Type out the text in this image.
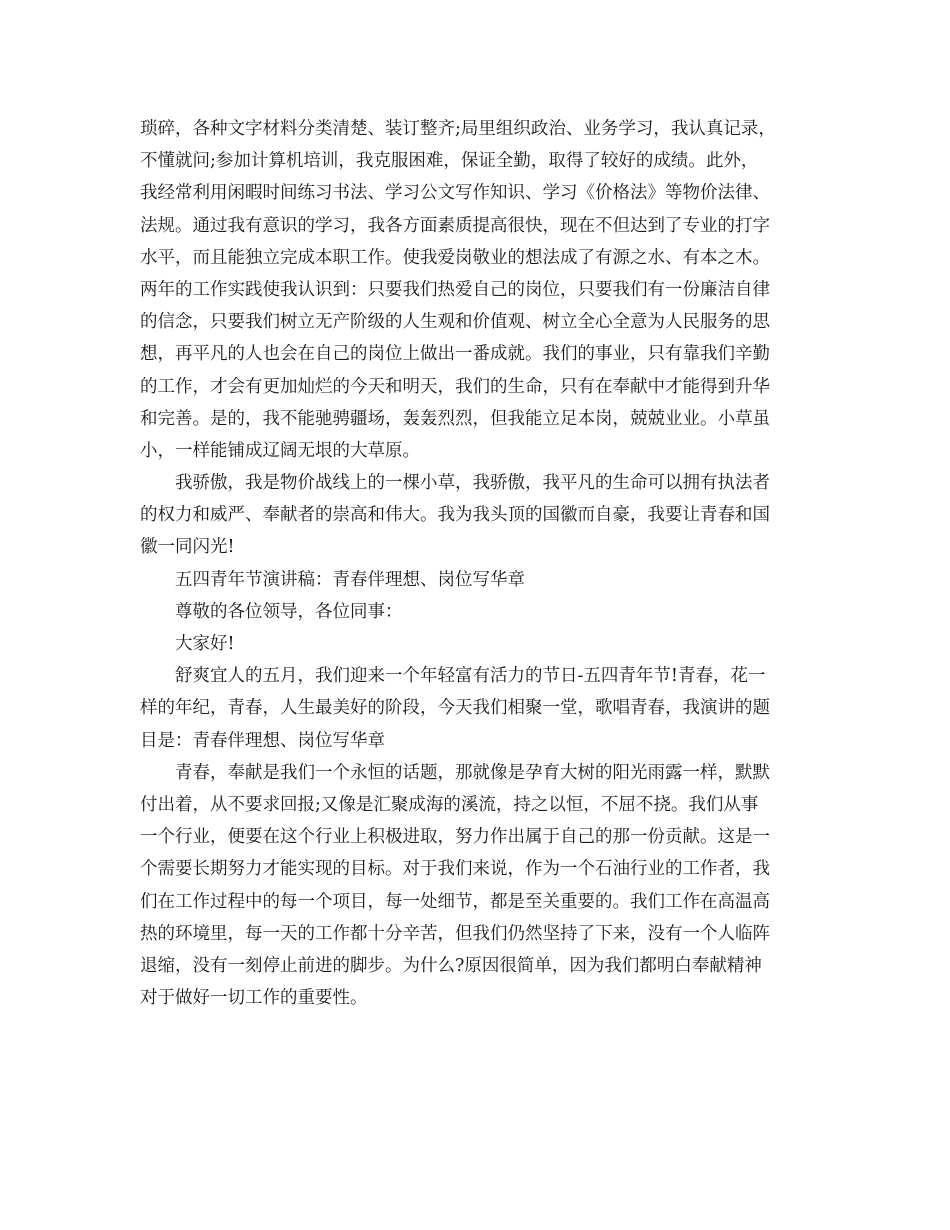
琐碎，各种文字材料分类清楚、装订整齐;局里组织政治、业务学习，我认真记录，
不懂就问;参加计算机培训，我克服困难，保证全勤，取得了较好的成绩。此外，
我经常利用闲暇时间练习书法、学习公文写作知识、学习《价格法》等物价法律、
法规。通过我有意识的学习，我各方面素质提高很快，现在不但达到了专业的打字
水平，而且能独立完成本职工作。使我爱岗敬业的想法成了有源之水、有本之木。
两年的工作实践使我认识到：只要我们热爱自己的岗位，只要我们有一份廉洁自律
的信念，只要我们树立无产阶级的人生观和价值观、树立全心全意为人民服务的思
想，再平凡的人也会在自己的岗位上做出一番成就。我们的事业，只有靠我们辛勤
的工作，才会有更加灿烂的今天和明天，我们的生命，只有在奉献中才能得到升华
和完善。是的，我不能驰骋疆场，轰轰烈烈，但我能立足本岗，兢兢业业。小草虽
小，一样能铺成辽阔无垠的大草原。
我骄傲，我是物价战线上的一棵小草，我骄傲，我平凡的生命可以拥有执法者
的权力和威严、奉献者的崇高和伟大。我为我头顶的国徽而自豪，我要让青春和国
徽一同闪光!
五四青年节演讲稿：青春伴理想、岗位写华章
尊敬的各位领导，各位同事：
大家好!
舒爽宜人的五月，我们迎来一个年轻富有活力的节日-五四青年节!青春，花一
样的年纪，青春，人生最美好的阶段，今天我们相聚一堂，歌唱青春，我演讲的题
目是：青春伴理想、岗位写华章
青春，奉献是我们一个永恒的话题，那就像是孕育大树的阳光雨露一样，默默
付出着，从不要求回报;又像是汇聚成海的溪流，持之以恒，不屈不挠。我们从事
一个行业，便要在这个行业上积极进取，努力作出属于自己的那一份贡献。这是一
个需要长期努力才能实现的目标。对于我们来说，作为一个石油行业的工作者，我
们在工作过程中的每一个项目，每一处细节，都是至关重要的。我们工作在高温高
热的环境里，每一天的工作都十分辛苦，但我们仍然坚持了下来，没有一个人临阵
退缩，没有一刻停止前进的脚步。为什么?原因很简单，因为我们都明白奉献精神
对于做好一切工作的重要性。
